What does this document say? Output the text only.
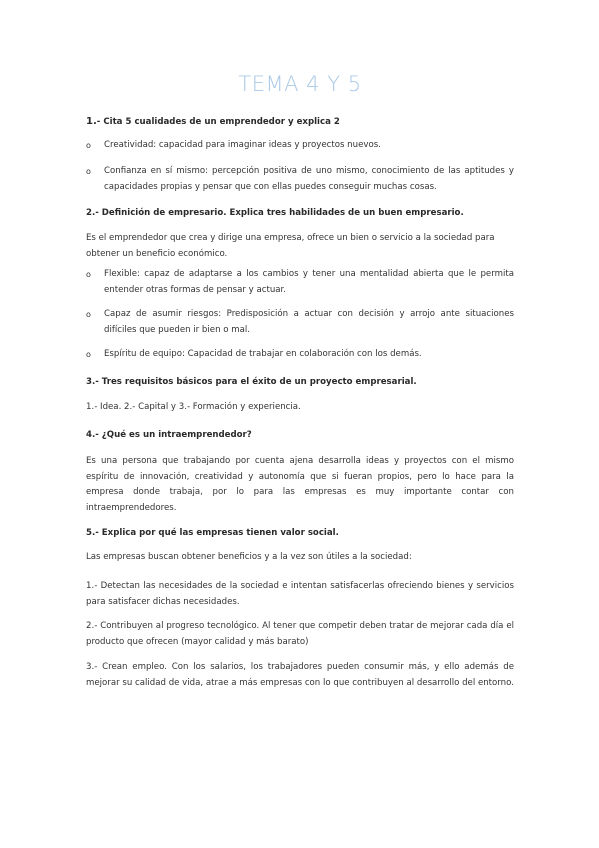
TEMA 4 Y 5
1.- Cita 5 cualidades de un emprendedor y explica 2
o Creatividad: capacidad para imaginar ideas y proyectos nuevos.
o Confianza en sí mismo: percepción positiva de uno mismo, conocimiento de las aptitudes y capacidades propias y pensar que con ellas puedes conseguir muchas cosas.
2.- Definición de empresario. Explica tres habilidades de un buen empresario.
Es el emprendedor que crea y dirige una empresa, ofrece un bien o servicio a la sociedad para obtener un beneficio económico.
o Flexible: capaz de adaptarse a los cambios y tener una mentalidad abierta que le permita entender otras formas de pensar y actuar.
o Capaz de asumir riesgos: Predisposición a actuar con decisión y arrojo ante situaciones difíciles que pueden ir bien o mal.
o Espíritu de equipo: Capacidad de trabajar en colaboración con los demás.
3.- Tres requisitos básicos para el éxito de un proyecto empresarial.
1.- Idea. 2.- Capital y 3.- Formación y experiencia.
4.- ¿Qué es un intraemprendedor?
Es una persona que trabajando por cuenta ajena desarrolla ideas y proyectos con el mismo espíritu de innovación, creatividad y autonomía que si fueran propios, pero lo hace para la empresa donde trabaja, por lo para las empresas es muy importante contar con intraemprendedores.
5.- Explica por qué las empresas tienen valor social.
Las empresas buscan obtener beneficios y a la vez son útiles a la sociedad:
1.- Detectan las necesidades de la sociedad e intentan satisfacerlas ofreciendo bienes y servicios para satisfacer dichas necesidades.
2.- Contribuyen al progreso tecnológico. Al tener que competir deben tratar de mejorar cada día el producto que ofrecen (mayor calidad y más barato)
3.- Crean empleo. Con los salarios, los trabajadores pueden consumir más, y ello además de mejorar su calidad de vida, atrae a más empresas con lo que contribuyen al desarrollo del entorno.
